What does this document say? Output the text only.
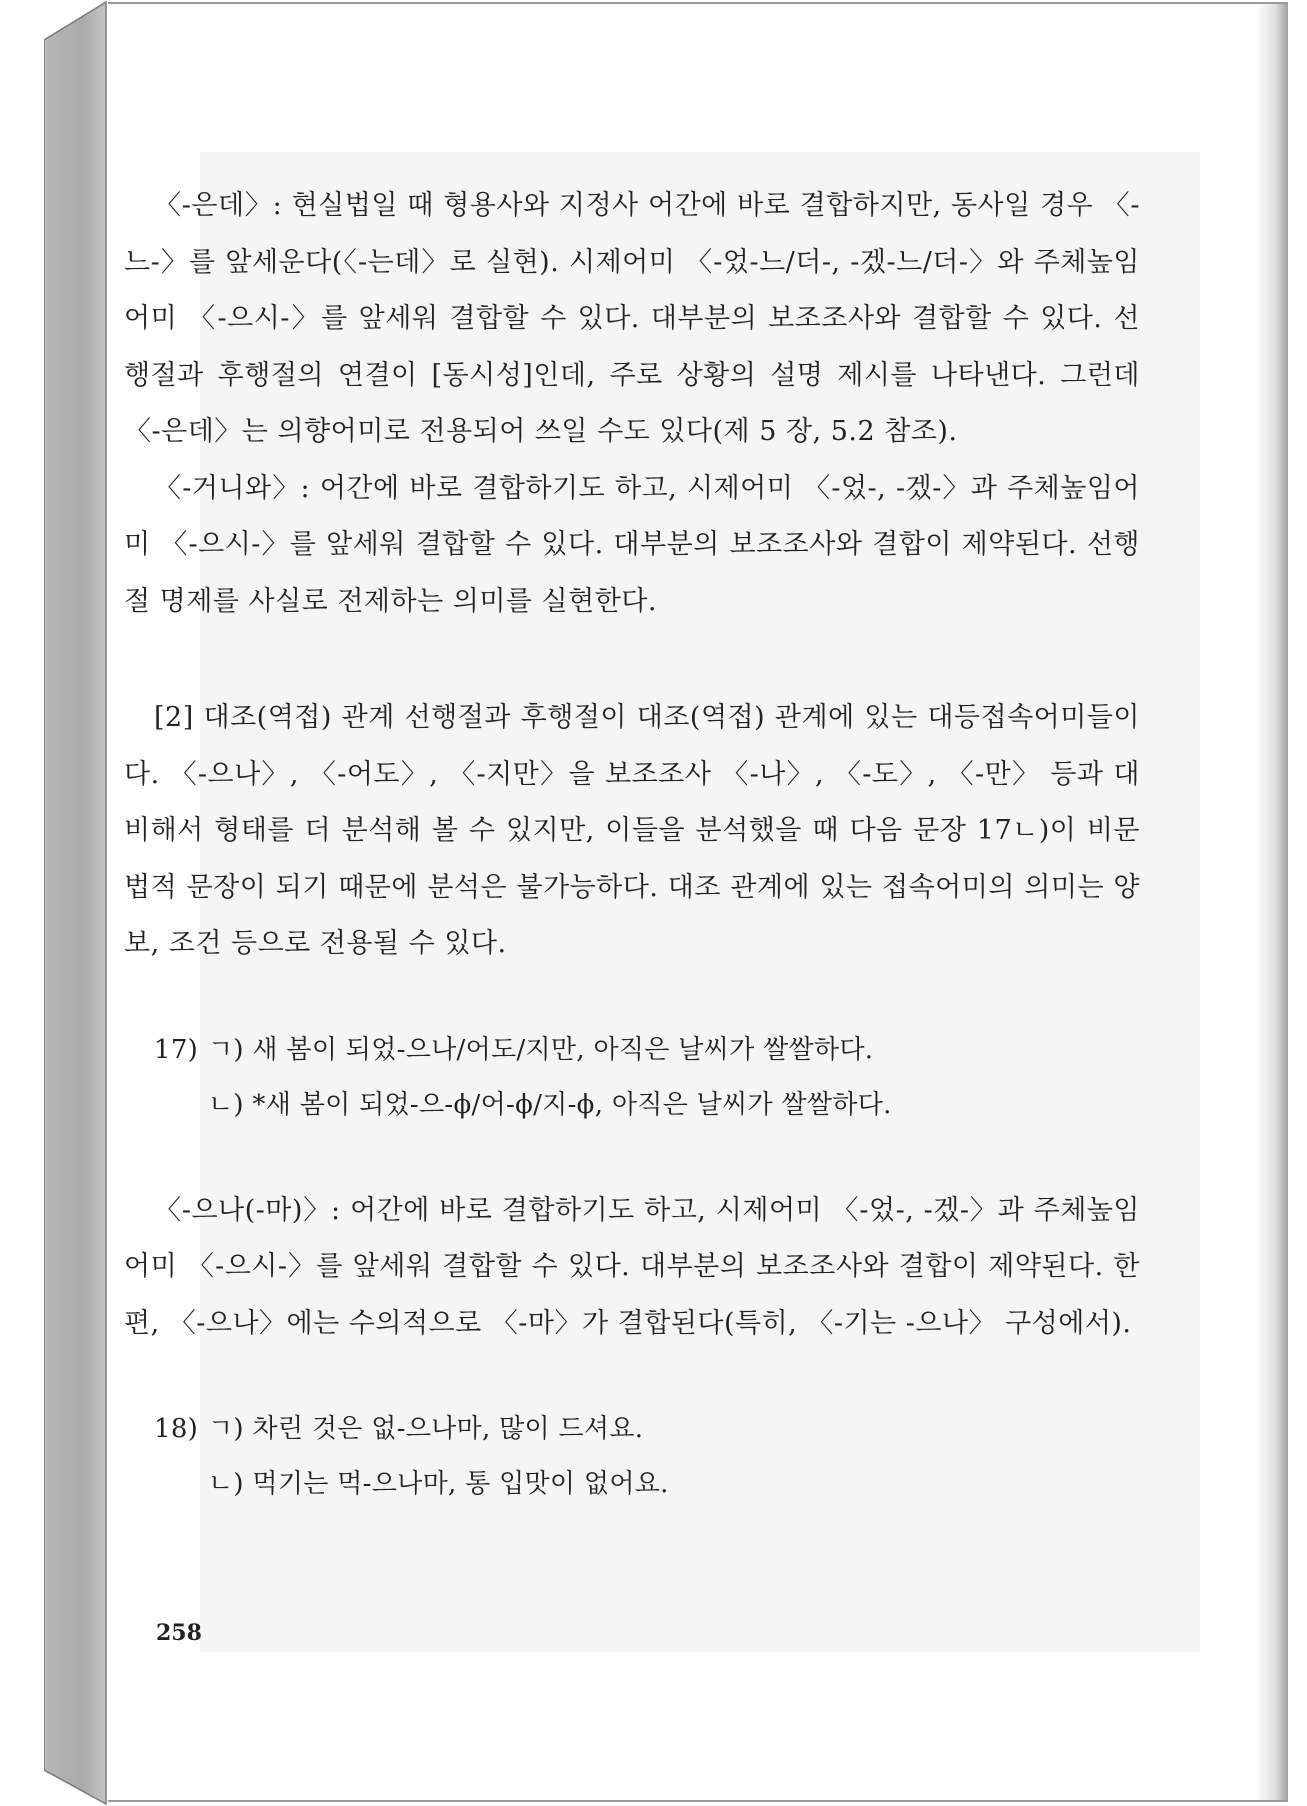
〈-은데〉: 현실법일 때 형용사와 지정사 어간에 바로 결합하지만, 동사일 경우 〈-느-〉를 앞세운다(〈-는데〉로 실현). 시제어미 〈-었-느/더-, -겠-느/더-〉와 주체높임어미 〈-으시-〉를 앞세워 결합할 수 있다. 대부분의 보조조사와 결합할 수 있다. 선행절과 후행절의 연결이 [동시성]인데, 주로 상황의 설명 제시를 나타낸다. 그런데 〈-은데〉는 의향어미로 전용되어 쓰일 수도 있다(제 5 장, 5.2 참조).

〈-거니와〉: 어간에 바로 결합하기도 하고, 시제어미 〈-었-, -겠-〉과 주체높임어미 〈-으시-〉를 앞세워 결합할 수 있다. 대부분의 보조조사와 결합이 제약된다. 선행절 명제를 사실로 전제하는 의미를 실현한다.

[2] 대조(역접) 관계 선행절과 후행절이 대조(역접) 관계에 있는 대등접속어미들이다. 〈-으나〉, 〈-어도〉, 〈-지만〉을 보조조사 〈-나〉, 〈-도〉, 〈-만〉 등과 대비해서 형태를 더 분석해 볼 수 있지만, 이들을 분석했을 때 다음 문장 17ㄴ)이 비문법적 문장이 되기 때문에 분석은 불가능하다. 대조 관계에 있는 접속어미의 의미는 양보, 조건 등으로 전용될 수 있다.

17) ㄱ) 새 봄이 되었-으나/어도/지만, 아직은 날씨가 쌀쌀하다.

ㄴ) *새 봄이 되었-으-ϕ/어-ϕ/지-ϕ, 아직은 날씨가 쌀쌀하다.

〈-으나(-마)〉: 어간에 바로 결합하기도 하고, 시제어미 〈-었-, -겠-〉과 주체높임어미 〈-으시-〉를 앞세워 결합할 수 있다. 대부분의 보조조사와 결합이 제약된다. 한편, 〈-으나〉에는 수의적으로 〈-마〉가 결합된다(특히, 〈-기는 -으나〉 구성에서).

18) ㄱ) 차린 것은 없-으나마, 많이 드셔요.

ㄴ) 먹기는 먹-으나마, 통 입맛이 없어요.

258
